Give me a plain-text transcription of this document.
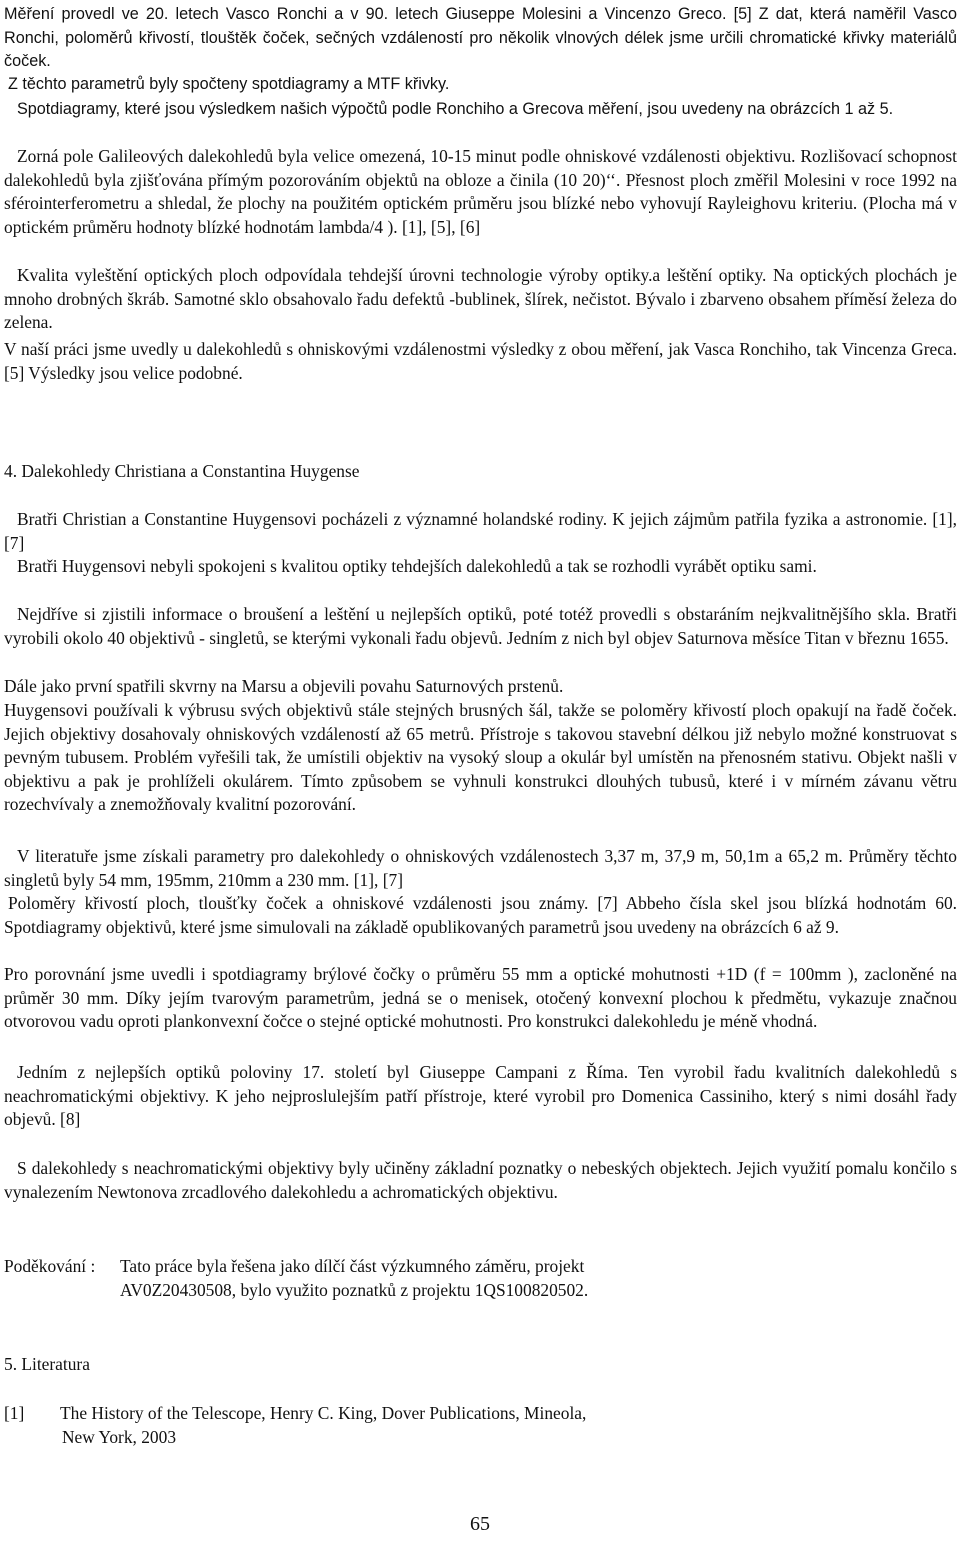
Měření provedl ve 20. letech Vasco Ronchi a v 90. letech Giuseppe Molesini a Vincenzo Greco. [5] Z dat, která naměřil Vasco Ronchi, poloměrů křivostí, tlouštěk čoček, sečných vzdáleností pro několik vlnových délek jsme určili chromatické křivky materiálů čoček.

Z těchto parametrů byly spočteny spotdiagramy a MTF křivky.

Spotdiagramy, které jsou výsledkem našich výpočtů podle Ronchiho a Grecova měření, jsou uvedeny na obrázcích 1 až 5.

Zorná pole Galileových dalekohledů byla velice omezená, 10-15 minut podle ohniskové vzdálenosti objektivu. Rozlišovací schopnost dalekohledů byla zjišťována přímým pozorováním objektů na obloze a činila (10 20)‘‘. Přesnost ploch změřil Molesini v roce 1992 na sférointerferometru a shledal, že plochy na použitém optickém průměru jsou blízké nebo vyhovují Rayleighovu kriteriu. (Plocha má v optickém průměru hodnoty blízké hodnotám lambda/4 ). [1], [5], [6]

Kvalita vyleštění optických ploch odpovídala tehdejší úrovni technologie výroby optiky.a leštění optiky. Na optických plochách je mnoho drobných škráb. Samotné sklo obsahovalo řadu defektů -bublinek, šlírek, nečistot. Bývalo i zbarveno obsahem příměsí železa do zelena.

V naší práci jsme uvedly u dalekohledů s ohniskovými vzdálenostmi výsledky z obou měření, jak Vasca Ronchiho, tak Vincenza Greca. [5] Výsledky jsou velice podobné.

4. Dalekohledy Christiana a Constantina Huygense

Bratři Christian a Constantine Huygensovi pocházeli z významné holandské rodiny. K jejich zájmům patřila fyzika a astronomie. [1], [7]

Bratři Huygensovi nebyli spokojeni s kvalitou optiky tehdejších dalekohledů a tak se rozhodli vyrábět optiku sami.

Nejdříve si zjistili informace o broušení a leštění u nejlepších optiků, poté totéž provedli s obstaráním nejkvalitnějšího skla. Bratři vyrobili okolo 40 objektivů - singletů, se kterými vykonali řadu objevů. Jedním z nich byl objev Saturnova měsíce Titan v březnu 1655.

Dále jako první spatřili skvrny na Marsu a objevili povahu Saturnových prstenů.

Huygensovi používali k výbrusu svých objektivů stále stejných brusných šál, takže se poloměry křivostí ploch opakují na řadě čoček. Jejich objektivy dosahovaly ohniskových vzdáleností až 65 metrů. Přístroje s takovou stavební délkou již nebylo možné konstruovat s pevným tubusem. Problém vyřešili tak, že umístili objektiv na vysoký sloup a okulár byl umístěn na přenosném stativu. Objekt našli v objektivu a pak je prohlíželi okulárem. Tímto způsobem se vyhnuli konstrukci dlouhých tubusů, které i v mírném závanu větru rozechvívaly a znemožňovaly kvalitní pozorování.

V literatuře jsme získali parametry pro dalekohledy o ohniskových vzdálenostech 3,37 m, 37,9 m, 50,1m a 65,2 m. Průměry těchto singletů byly 54 mm, 195mm, 210mm a 230 mm. [1], [7]

Poloměry křivostí ploch, tloušťky čoček a ohniskové vzdálenosti jsou známy. [7] Abbeho čísla skel jsou blízká hodnotám 60. Spotdiagramy objektivů, které jsme simulovali na základě opublikovaných parametrů jsou uvedeny na obrázcích 6 až 9.

Pro porovnání jsme uvedli i spotdiagramy brýlové čočky o průměru 55 mm a optické mohutnosti +1D (f = 100mm ), zacloněné na průměr 30 mm. Díky jejím tvarovým parametrům, jedná se o menisek, otočený konvexní plochou k předmětu, vykazuje značnou otvorovou vadu oproti plankonvexní čočce o stejné optické mohutnosti. Pro konstrukci dalekohledu je méně vhodná.

Jedním z nejlepších optiků poloviny 17. století byl Giuseppe Campani z Říma. Ten vyrobil řadu kvalitních dalekohledů s neachromatickými objektivy. K jeho nejproslulejším patří přístroje, které vyrobil pro Domenica Cassiniho, který s nimi dosáhl řady objevů. [8]

S dalekohledy s neachromatickými objektivy byly učiněny základní poznatky o nebeských objektech. Jejich využití pomalu končilo s vynalezením Newtonova zrcadlového dalekohledu a achromatických objektivu.

Poděkování : Tato práce byla řešena jako dílčí část výzkumného záměru, projekt
AV0Z20430508, bylo využito poznatků z projektu 1QS100820502.

5. Literatura

[1] The History of the Telescope, Henry C. King, Dover Publications, Mineola,
New York, 2003
65
